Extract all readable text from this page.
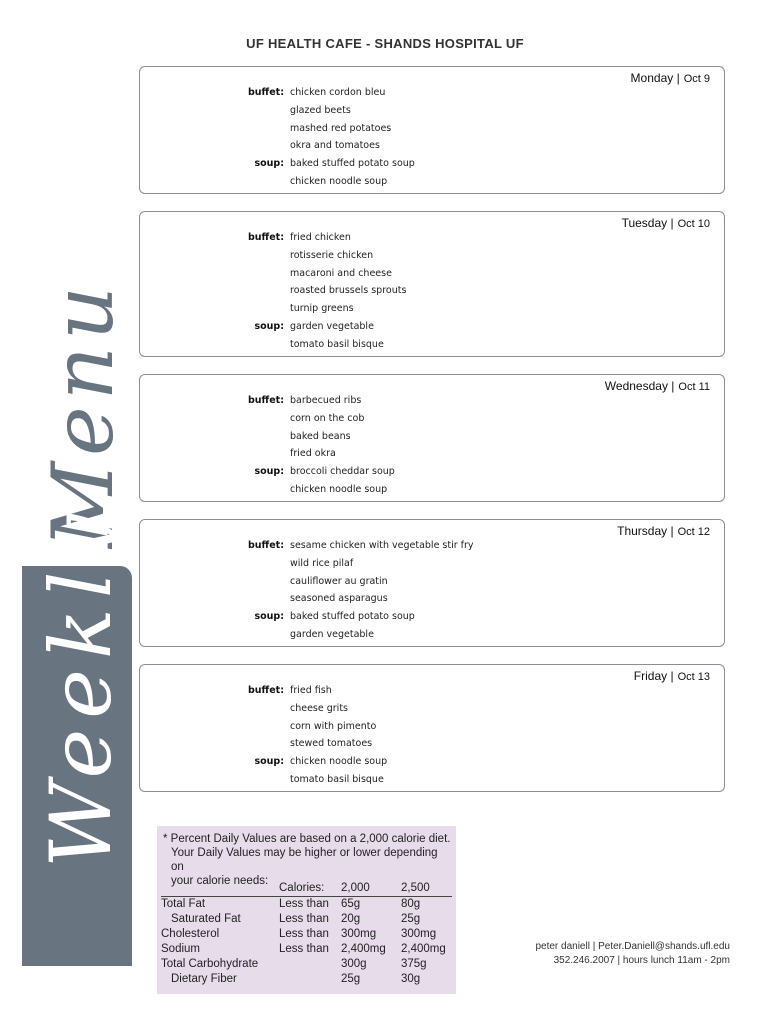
UF HEALTH CAFE - SHANDS HOSPITAL UF
Menu
Weekly
Monday | Oct 9
buffet: chicken cordon bleu
glazed beets
mashed red potatoes
okra and tomatoes
soup: baked stuffed potato soup
chicken noodle soup
Tuesday | Oct 10
buffet: fried chicken
rotisserie chicken
macaroni and cheese
roasted brussels sprouts
turnip greens
soup: garden vegetable
tomato basil bisque
Wednesday | Oct 11
buffet: barbecued ribs
corn on the cob
baked beans
fried okra
soup: broccoli cheddar soup
chicken noodle soup
Thursday | Oct 12
buffet: sesame chicken with vegetable stir fry
wild rice pilaf
cauliflower au gratin
seasoned asparagus
soup: baked stuffed potato soup
garden vegetable
Friday | Oct 13
buffet: fried fish
cheese grits
corn with pimento
stewed tomatoes
soup: chicken noodle soup
tomato basil bisque
* Percent Daily Values are based on a 2,000 calorie diet.
Your Daily Values may be higher or lower depending on
your calorie needs:
	Calories:	2,000	2,500
Total Fat	Less than	65g	80g
Saturated Fat	Less than	20g	25g
Cholesterol	Less than	300mg	300mg
Sodium	Less than	2,400mg	2,400mg
Total Carbohydrate		300g	375g
Dietary Fiber		25g	30g
peter daniell | Peter.Daniell@shands.ufl.edu
352.246.2007 | hours lunch 11am - 2pm
